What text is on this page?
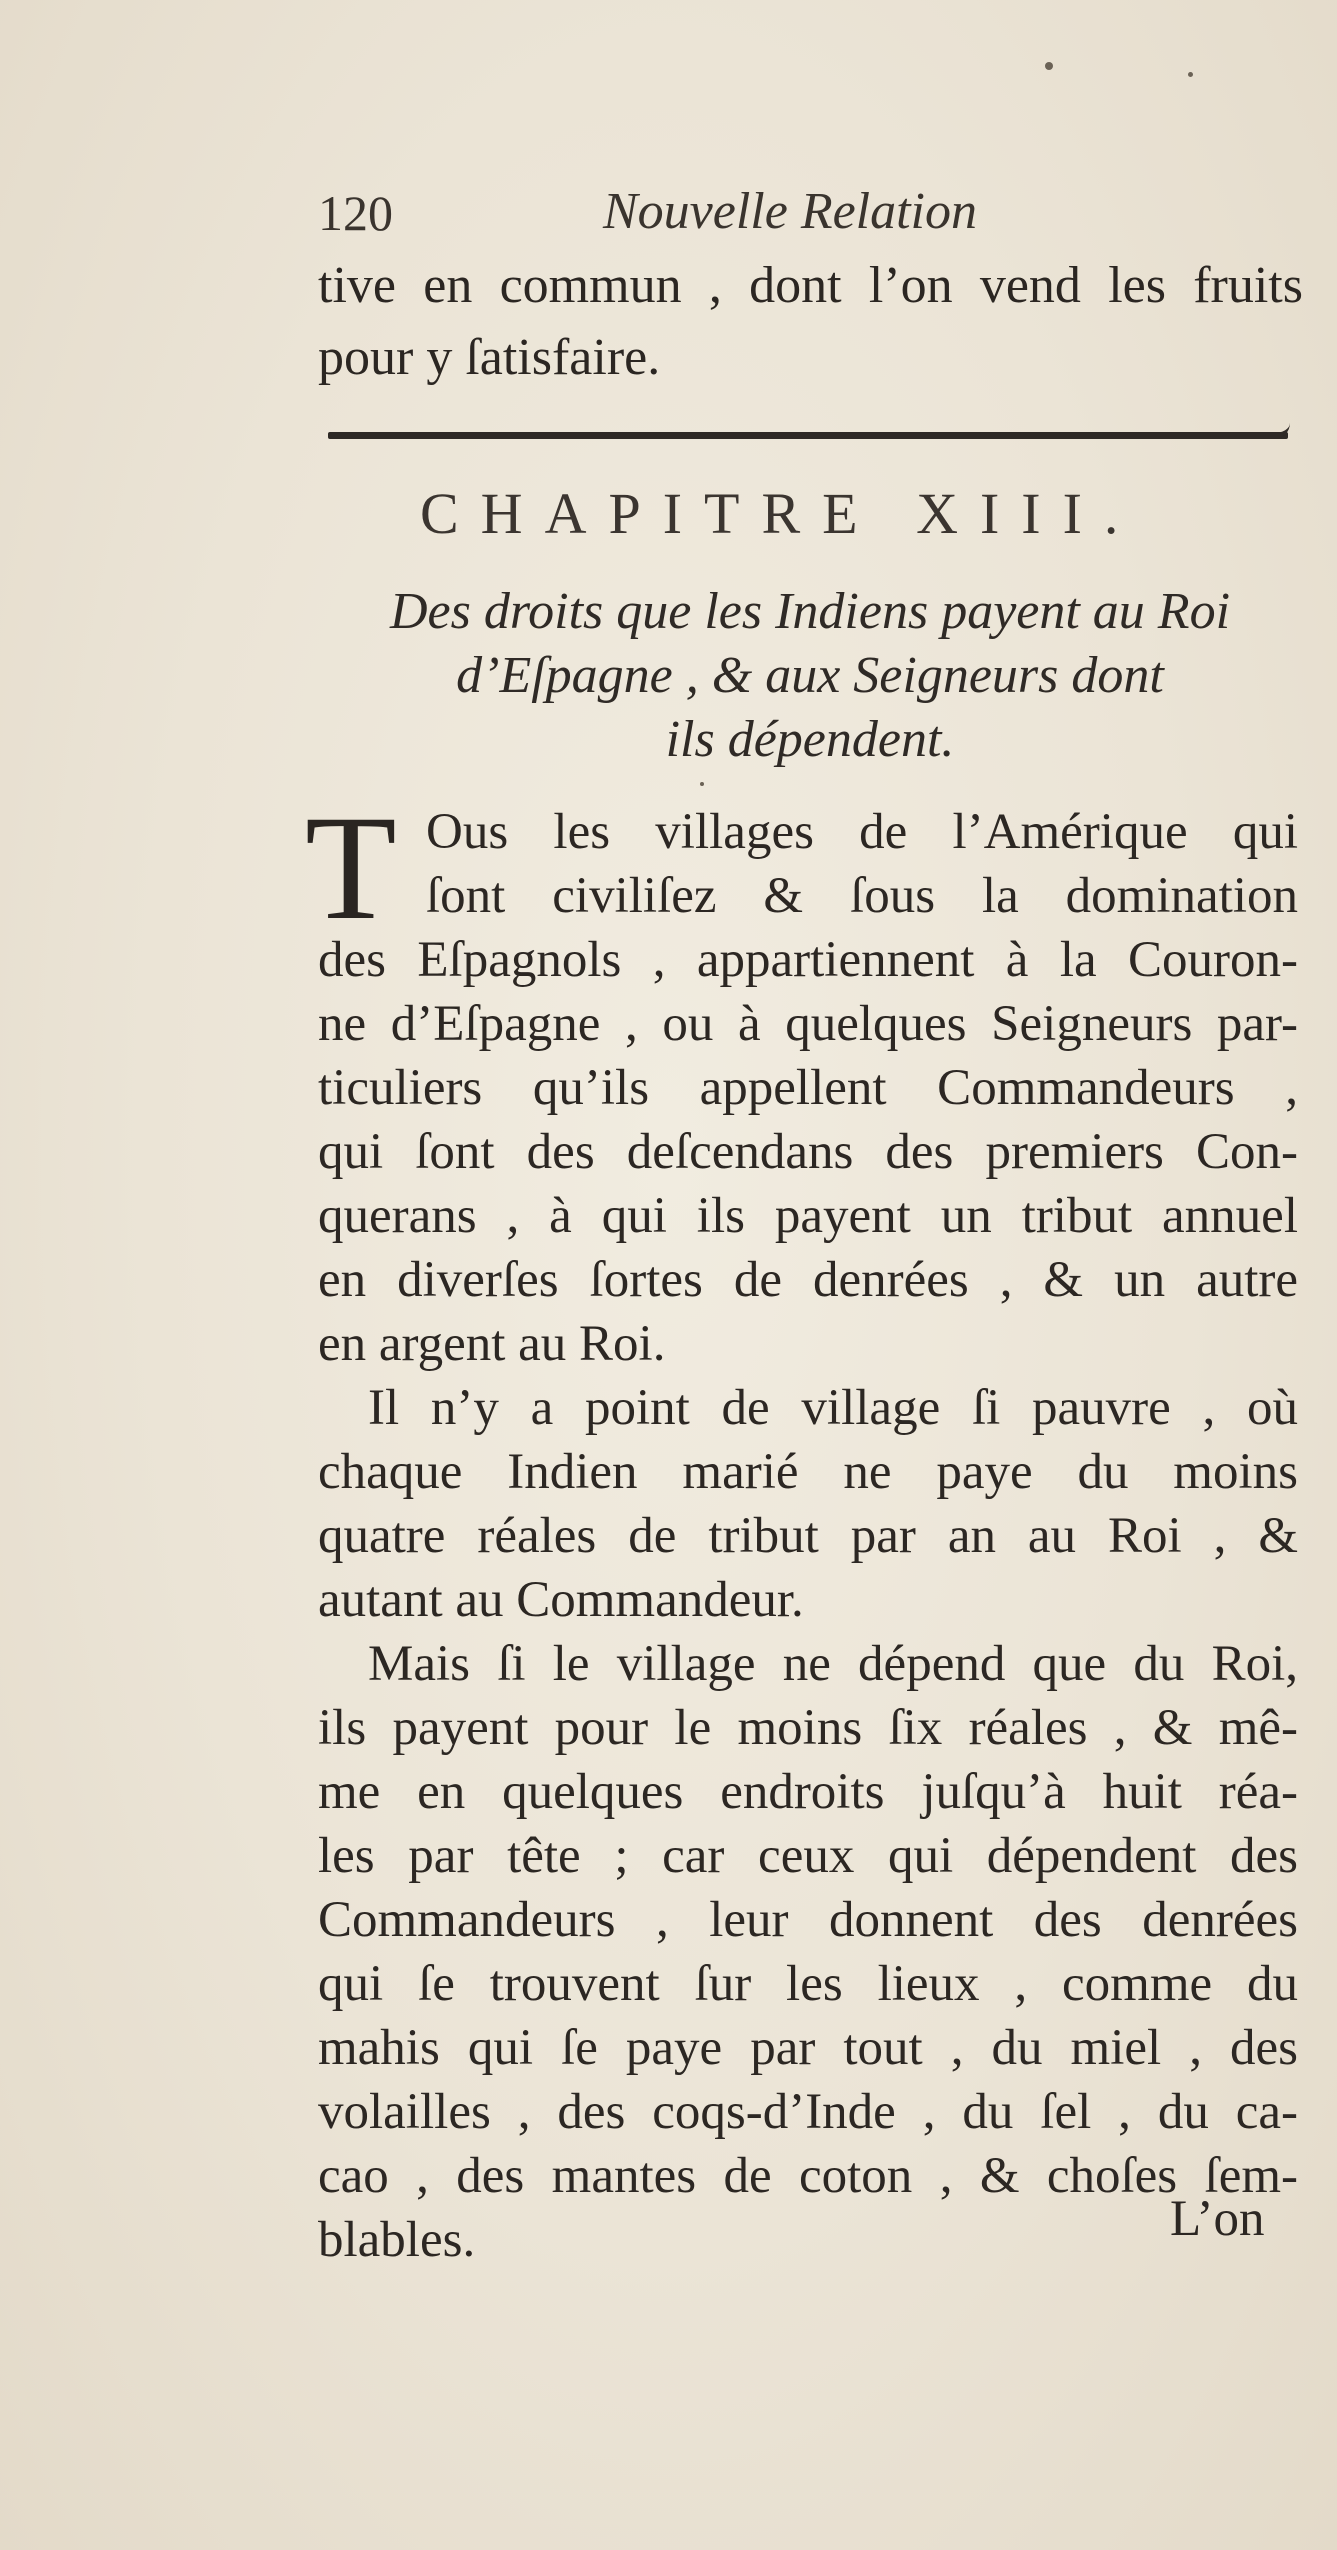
120	Nouvelle Relation
tive en commun , dont l’on vend les fruits
pour y ſatisfaire.
CHAPITRE XIII.
Des droits que les Indiens payent au Roi
d’Eſpagne , & aux Seigneurs dont
ils dépendent.
T Ous les villages de l’Amérique qui
ſont civiliſez & ſous la domination
des Eſpagnols , appartiennent à la Couron-
ne d’Eſpagne , ou à quelques Seigneurs par-
ticuliers qu’ils appellent Commandeurs ,
qui ſont des deſcendans des premiers Con-
querans , à qui ils payent un tribut annuel
en diverſes ſortes de denrées , & un autre
en argent au Roi.
Il n’y a point de village ſi pauvre , où
chaque Indien marié ne paye du moins
quatre réales de tribut par an au Roi , &
autant au Commandeur.
Mais ſi le village ne dépend que du Roi,
ils payent pour le moins ſix réales , & mê-
me en quelques endroits juſqu’à huit réa-
les par tête ; car ceux qui dépendent des
Commandeurs , leur donnent des denrées
qui ſe trouvent ſur les lieux , comme du
mahis qui ſe paye par tout , du miel , des
volailles , des coqs-d’Inde , du ſel , du ca-
cao , des mantes de coton , & choſes ſem-
blables.	L’on
